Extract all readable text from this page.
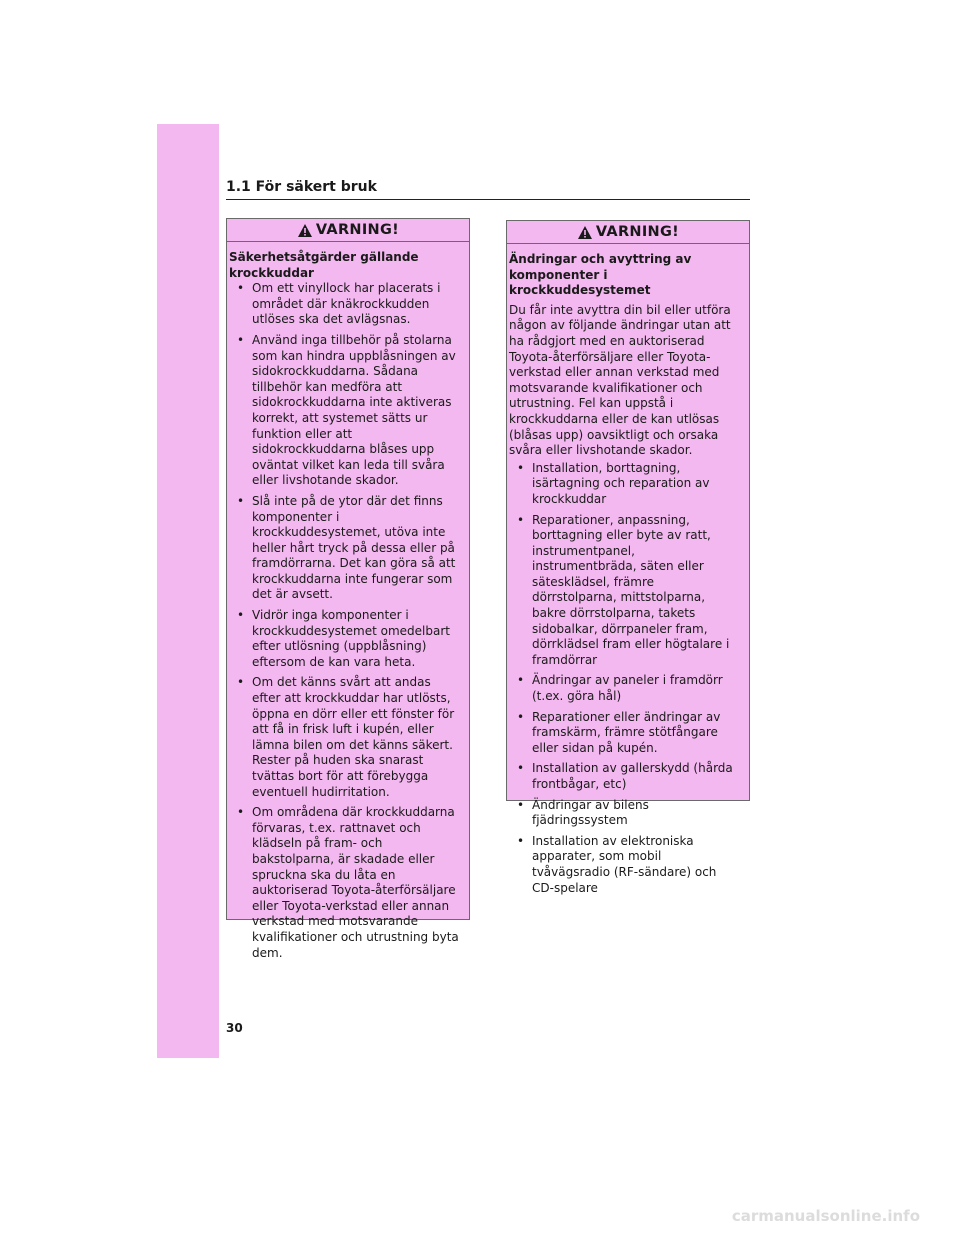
1.1 För säkert bruk
VARNING!

Säkerhetsåtgärder gällande krockkuddar

• Om ett vinyllock har placerats i området där knäkrockkudden utlöses ska det avlägsnas.
• Använd inga tillbehör på stolarna som kan hindra uppblåsningen av sidokrockkuddarna. Sådana tillbehör kan medföra att sidokrockkuddarna inte aktiveras korrekt, att systemet sätts ur funktion eller att sidokrockkuddarna blåses upp oväntat vilket kan leda till svåra eller livshotande skador.
• Slå inte på de ytor där det finns komponenter i krockkuddesystemet, utöva inte heller hårt tryck på dessa eller på framdörrarna. Det kan göra så att krockkuddarna inte fungerar som det är avsett.
• Vidrör inga komponenter i krockkuddesystemet omedelbart efter utlösning (uppblåsning) eftersom de kan vara heta.
• Om det känns svårt att andas efter att krockkuddar har utlösts, öppna en dörr eller ett fönster för att få in frisk luft i kupén, eller lämna bilen om det känns säkert. Rester på huden ska snarast tvättas bort för att förebygga eventuell hudirritation.
• Om områdena där krockkuddarna förvaras, t.ex. rattnavet och klädseln på fram- och bakstolparna, är skadade eller spruckna ska du låta en auktoriserad Toyota-återförsäljare eller Toyota-verkstad eller annan verkstad med motsvarande kvalifikationer och utrustning byta dem.
VARNING!

Ändringar och avyttring av komponenter i krockkuddesystemet

Du får inte avyttra din bil eller utföra någon av följande ändringar utan att ha rådgjort med en auktoriserad Toyota-återförsäljare eller Toyota-verkstad eller annan verkstad med motsvarande kvalifikationer och utrustning. Fel kan uppstå i krockkuddarna eller de kan utlösas (blåsas upp) oavsiktligt och orsaka svåra eller livshotande skador.

• Installation, borttagning, isärtagning och reparation av krockkuddar
• Reparationer, anpassning, borttagning eller byte av ratt, instrumentpanel, instrumentbräda, säten eller sätesklädsel, främre dörrstolparna, mittstolparna, bakre dörrstolparna, takets sidobalkar, dörrpaneler fram, dörrklädsel fram eller högtalare i framdörrar
• Ändringar av paneler i framdörr (t.ex. göra hål)
• Reparationer eller ändringar av framskärm, främre stötfångare eller sidan på kupén.
• Installation av gallerskydd (hårda frontbågar, etc)
• Ändringar av bilens fjädringssystem
• Installation av elektroniska apparater, som mobil tvåvägsradio (RF-sändare) och CD-spelare
30
carmanualsonline.info
